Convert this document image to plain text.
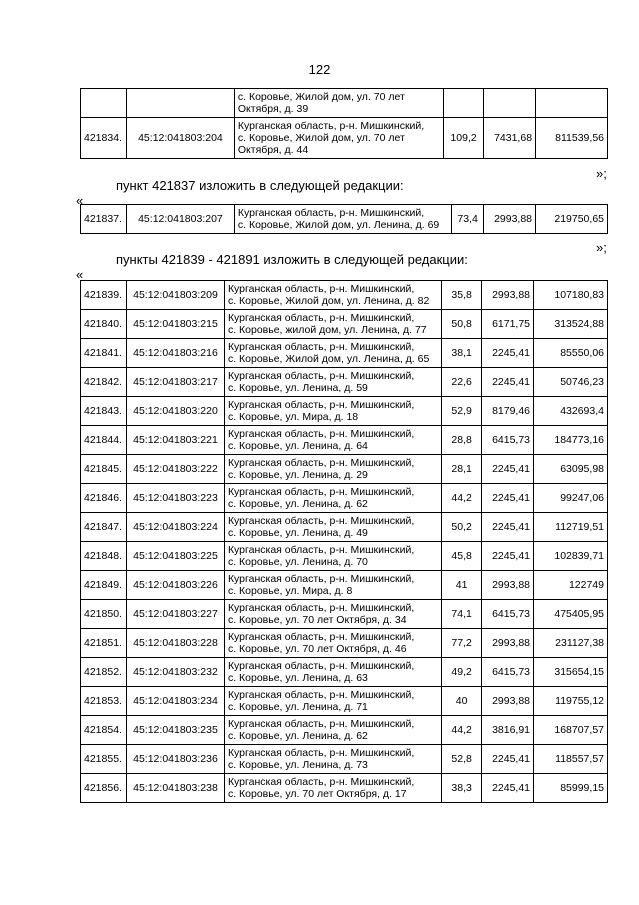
122

		с. Коровье, Жилой дом, ул. 70 лет
Октября, д. 39			

421834.	45:12:041803:204	Курганская область, р-н. Мишкинский,
с. Коровье, Жилой дом, ул. 70 лет
Октября, д. 44	109,2	7431,68	811539,56
»;
пункт 421837 изложить в следующей редакции:
«
421837.	45:12:041803:207	Курганская область, р-н. Мишкинский,
с. Коровье, Жилой дом, ул. Ленина, д. 69	73,4	2993,88	219750,65
»;
пункты 421839 - 421891 изложить в следующей редакции:
«
421839.	45:12:041803:209	Курганская область, р-н. Мишкинский,
с. Коровье, Жилой дом, ул. Ленина, д. 82	35,8	2993,88	107180,83
421840.	45:12:041803:215	Курганская область, р-н. Мишкинский,
с. Коровье, жилой дом, ул. Ленина, д. 77	50,8	6171,75	313524,88
421841.	45:12:041803:216	Курганская область, р-н. Мишкинский,
с. Коровье, Жилой дом, ул. Ленина, д. 65	38,1	2245,41	85550,06
421842.	45:12:041803:217	Курганская область, р-н. Мишкинский,
с. Коровье, ул. Ленина, д. 59	22,6	2245,41	50746,23
421843.	45:12:041803:220	Курганская область, р-н. Мишкинский,
с. Коровье, ул. Мира, д. 18	52,9	8179,46	432693,4
421844.	45:12:041803:221	Курганская область, р-н. Мишкинский,
с. Коровье, ул. Ленина, д. 64	28,8	6415,73	184773,16
421845.	45:12:041803:222	Курганская область, р-н. Мишкинский,
с. Коровье, ул. Ленина, д. 29	28,1	2245,41	63095,98
421846.	45:12:041803:223	Курганская область, р-н. Мишкинский,
с. Коровье, ул. Ленина, д. 62	44,2	2245,41	99247,06
421847.	45:12:041803:224	Курганская область, р-н. Мишкинский,
с. Коровье, ул. Ленина, д. 49	50,2	2245,41	112719,51
421848.	45:12:041803:225	Курганская область, р-н. Мишкинский,
с. Коровье, ул. Ленина, д. 70	45,8	2245,41	102839,71
421849.	45:12:041803:226	Курганская область, р-н. Мишкинский,
с. Коровье, ул. Мира, д. 8	41	2993,88	122749
421850.	45:12:041803:227	Курганская область, р-н. Мишкинский,
с. Коровье, ул. 70 лет Октября, д. 34	74,1	6415,73	475405,95
421851.	45:12:041803:228	Курганская область, р-н. Мишкинский,
с. Коровье, ул. 70 лет Октября, д. 46	77,2	2993,88	231127,38
421852.	45:12:041803:232	Курганская область, р-н. Мишкинский,
с. Коровье, ул. Ленина, д. 63	49,2	6415,73	315654,15
421853.	45:12:041803:234	Курганская область, р-н. Мишкинский,
с. Коровье, ул. Ленина, д. 71	40	2993,88	119755,12
421854.	45:12:041803:235	Курганская область, р-н. Мишкинский,
с. Коровье, ул. Ленина, д. 62	44,2	3816,91	168707,57
421855.	45:12:041803:236	Курганская область, р-н. Мишкинский,
с. Коровье, ул. Ленина, д. 73	52,8	2245,41	118557,57
421856.	45:12:041803:238	Курганская область, р-н. Мишкинский,
с. Коровье, ул. 70 лет Октября, д. 17	38,3	2245,41	85999,15
